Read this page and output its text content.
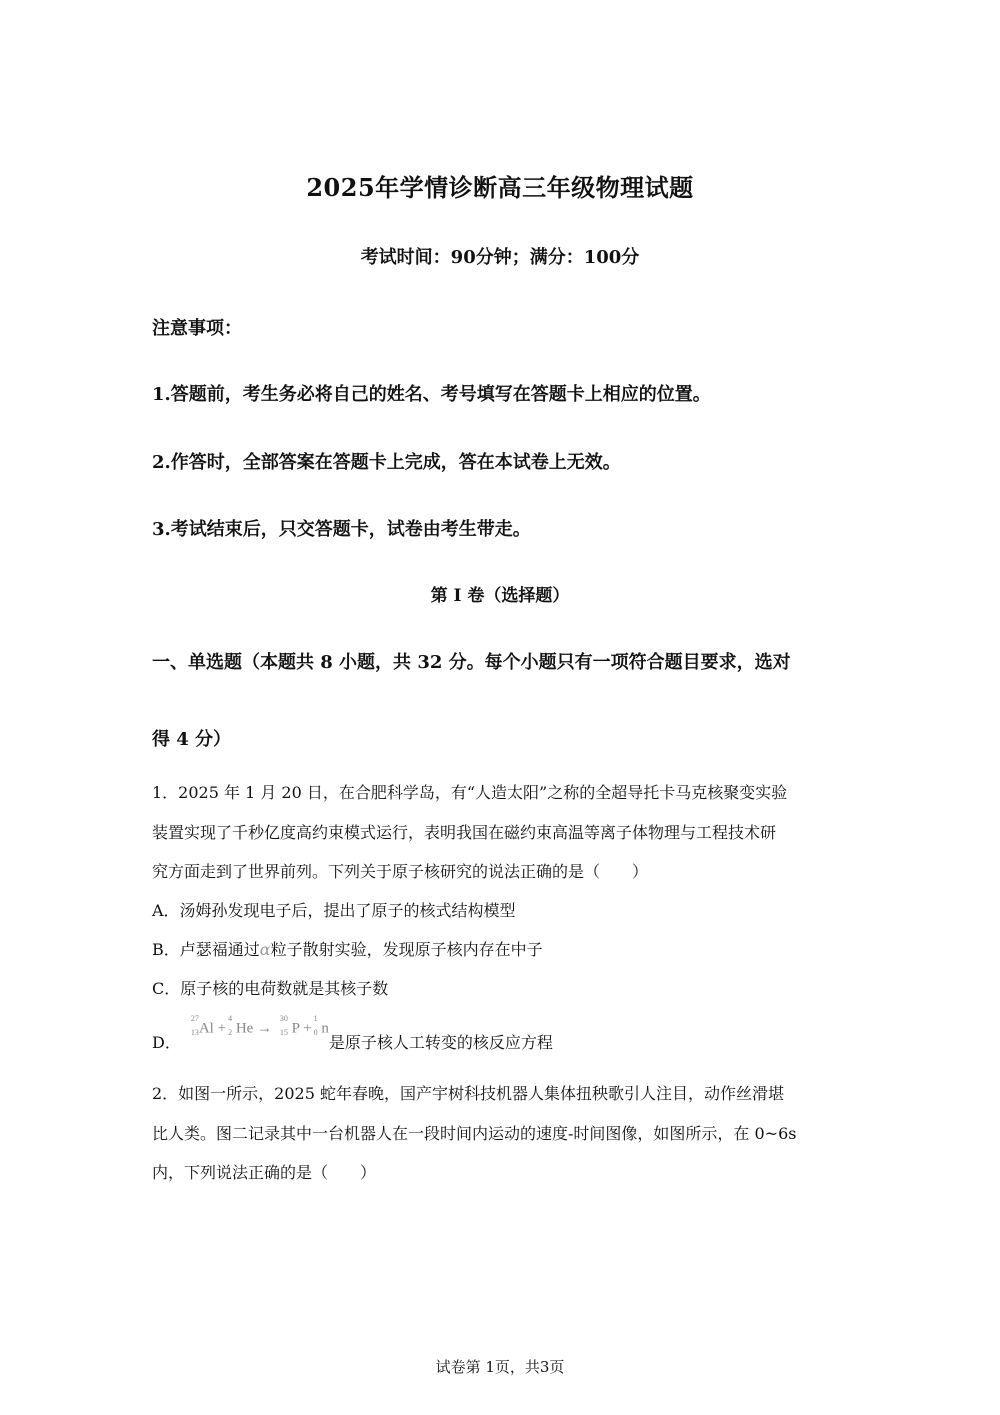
2025年学情诊断高三年级物理试题
考试时间：90分钟；满分：100分
注意事项：
1.答题前，考生务必将自己的姓名、考号填写在答题卡上相应的位置。
2.作答时，全部答案在答题卡上完成，答在本试卷上无效。
3.考试结束后，只交答题卡，试卷由考生带走。
第 I 卷（选择题）
一、单选题（本题共 8 小题，共 32 分。每个小题只有一项符合题目要求，选对
得 4 分）
1．2025 年 1 月 20 日，在合肥科学岛，有“人造太阳”之称的全超导托卡马克核聚变实验
装置实现了千秒亿度高约束模式运行，表明我国在磁约束高温等离子体物理与工程技术研
究方面走到了世界前列。下列关于原子核研究的说法正确的是（　　）
A．汤姆孙发现电子后，提出了原子的核式结构模型
B．卢瑟福通过α粒子散射实验，发现原子核内存在中子
C．原子核的电荷数就是其核子数
D．
27
13 Al +
4
2 He →
30
15 P +
1
0 n是原子核人工转变的核反应方程
2．如图一所示，2025 蛇年春晚，国产宇树科技机器人集体扭秧歌引人注目，动作丝滑堪
比人类。图二记录其中一台机器人在一段时间内运动的速度-时间图像，如图所示，在 0~6s
内，下列说法正确的是（　　）
试卷第 1页，共3页
